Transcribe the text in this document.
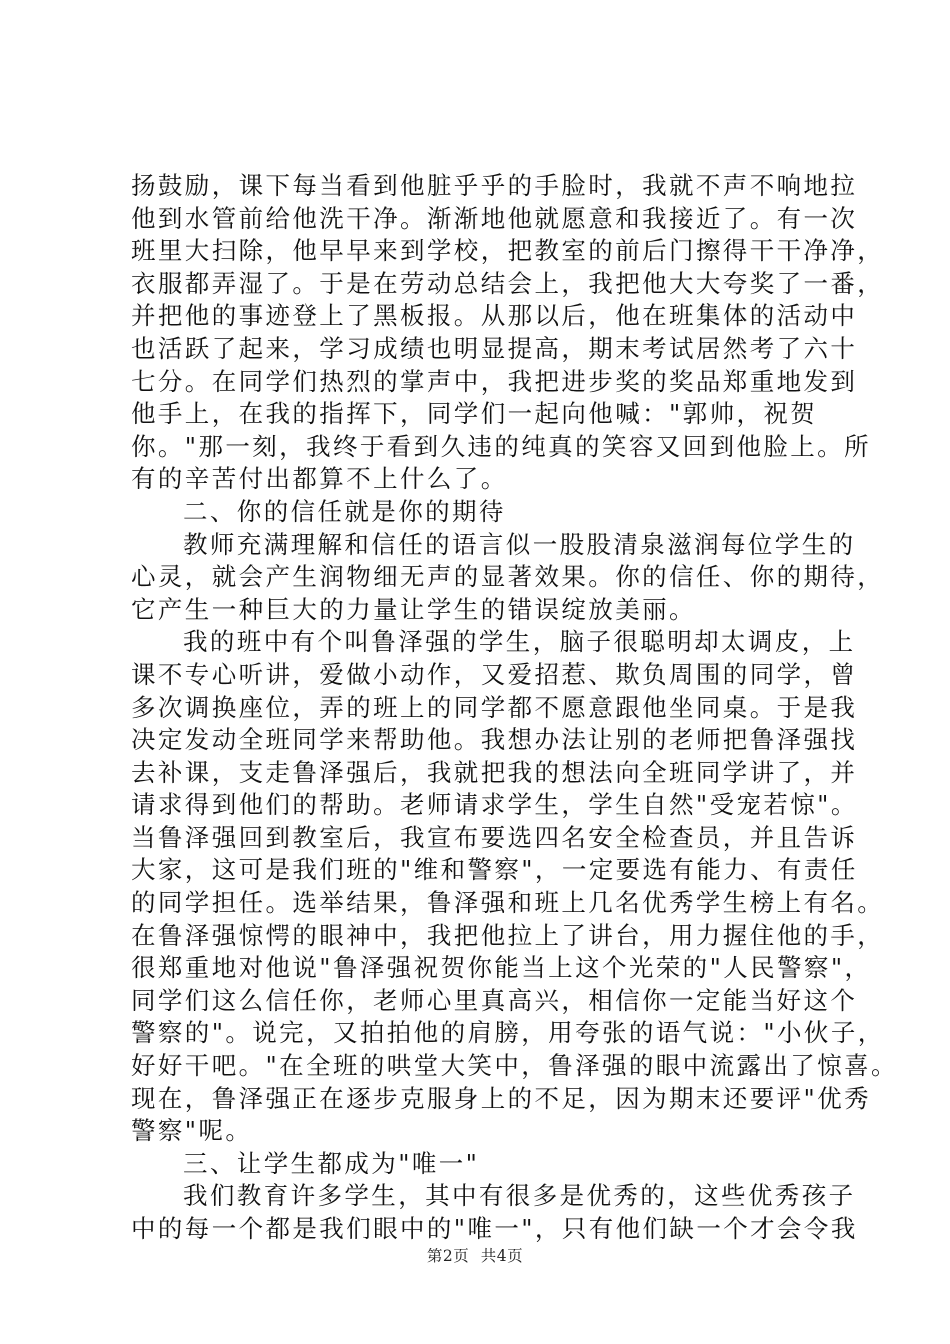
扬鼓励，课下每当看到他脏乎乎的手脸时，我就不声不响地拉
他到水管前给他洗干净。渐渐地他就愿意和我接近了。有一次
班里大扫除，他早早来到学校，把教室的前后门擦得干干净净，
衣服都弄湿了。于是在劳动总结会上，我把他大大夸奖了一番，
并把他的事迹登上了黑板报。从那以后，他在班集体的活动中
也活跃了起来，学习成绩也明显提高，期末考试居然考了六十
七分。在同学们热烈的掌声中，我把进步奖的奖品郑重地发到
他手上，在我的指挥下，同学们一起向他喊："郭帅，祝贺
你。"那一刻，我终于看到久违的纯真的笑容又回到他脸上。所
有的辛苦付出都算不上什么了。
二、你的信任就是你的期待
教师充满理解和信任的语言似一股股清泉滋润每位学生的
心灵，就会产生润物细无声的显著效果。你的信任、你的期待，
它产生一种巨大的力量让学生的错误绽放美丽。
我的班中有个叫鲁泽强的学生，脑子很聪明却太调皮，上
课不专心听讲，爱做小动作，又爱招惹、欺负周围的同学，曾
多次调换座位，弄的班上的同学都不愿意跟他坐同桌。于是我
决定发动全班同学来帮助他。我想办法让别的老师把鲁泽强找
去补课，支走鲁泽强后，我就把我的想法向全班同学讲了，并
请求得到他们的帮助。老师请求学生，学生自然"受宠若惊"。
当鲁泽强回到教室后，我宣布要选四名安全检查员，并且告诉
大家，这可是我们班的"维和警察"，一定要选有能力、有责任
的同学担任。选举结果，鲁泽强和班上几名优秀学生榜上有名。
在鲁泽强惊愕的眼神中，我把他拉上了讲台，用力握住他的手，
很郑重地对他说"鲁泽强祝贺你能当上这个光荣的"人民警察"，
同学们这么信任你，老师心里真高兴，相信你一定能当好这个
警察的"。说完，又拍拍他的肩膀，用夸张的语气说："小伙子，
好好干吧。"在全班的哄堂大笑中，鲁泽强的眼中流露出了惊喜。
现在，鲁泽强正在逐步克服身上的不足，因为期末还要评"优秀
警察"呢。
三、让学生都成为"唯一"
我们教育许多学生，其中有很多是优秀的，这些优秀孩子
中的每一个都是我们眼中的"唯一"，只有他们缺一个才会令我
第2页 共4页
